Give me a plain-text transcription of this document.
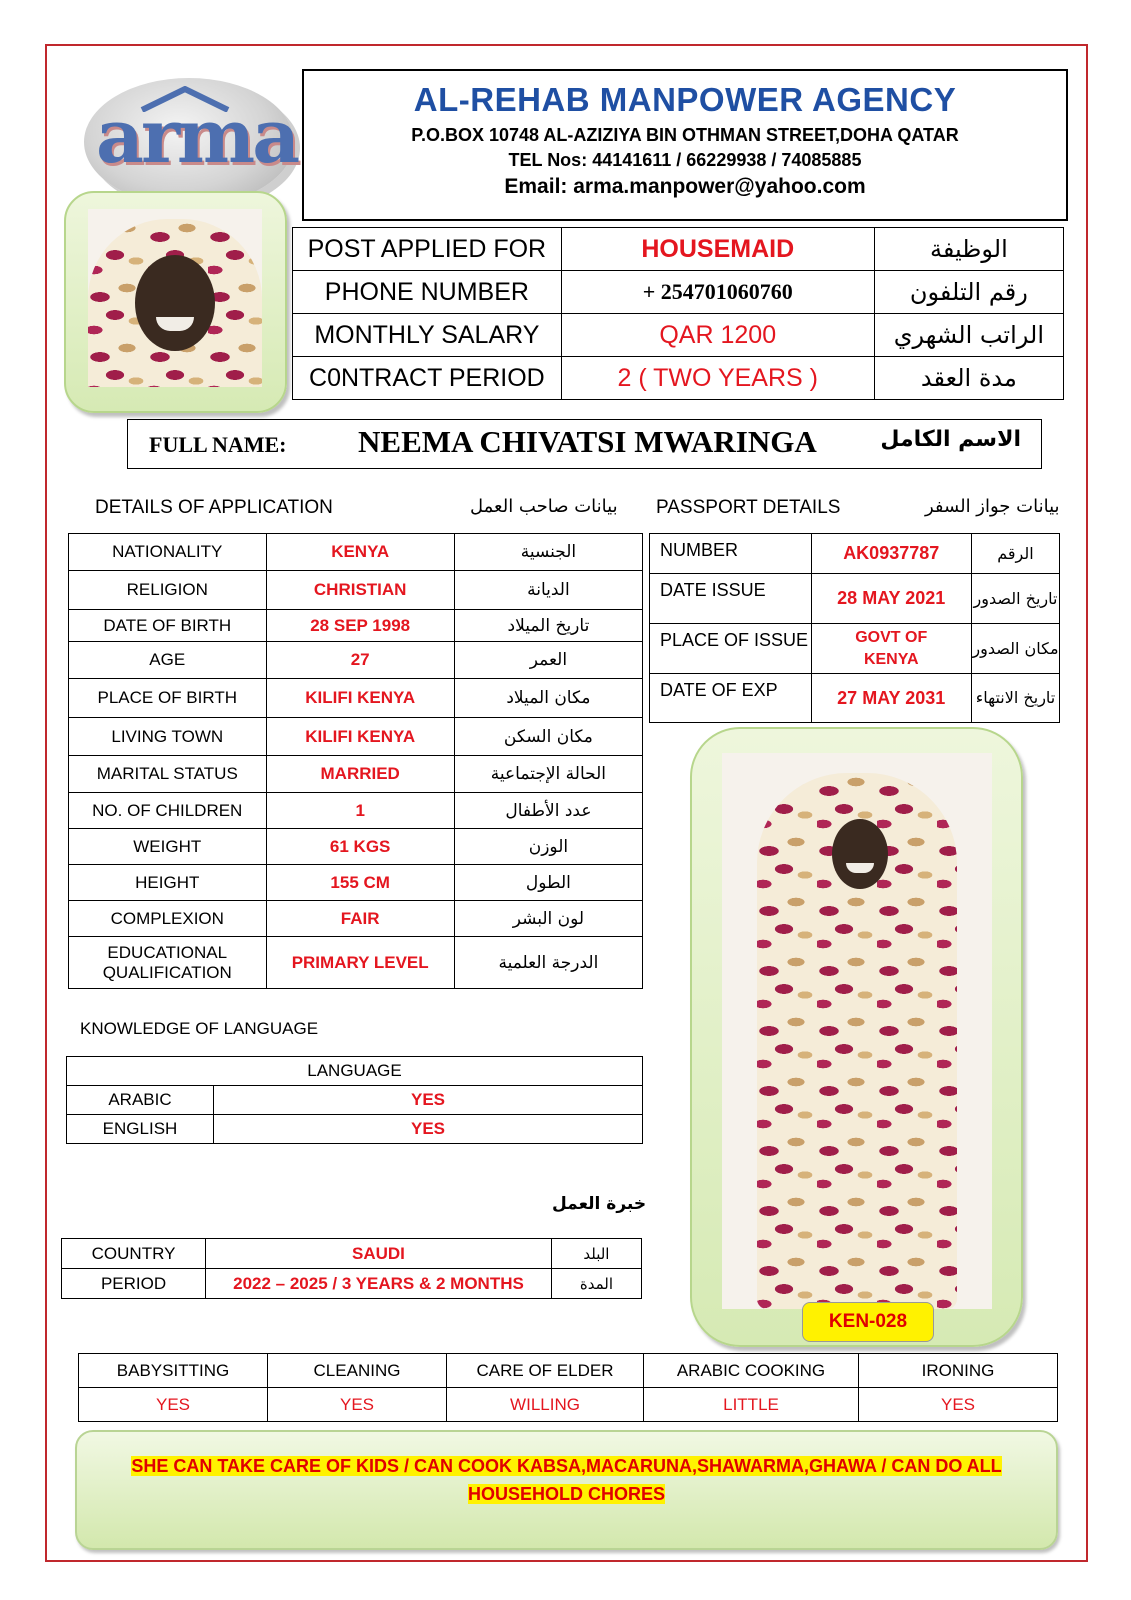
arma	AL-REHAB MANPOWER AGENCY
P.O.BOX 10748 AL-AZIZIYA BIN OTHMAN STREET,DOHA QATAR
TEL Nos: 44141611 / 66229938 / 74085885
Email: arma.manpower@yahoo.com
POST APPLIED FOR	HOUSEMAID	الوظيفة
PHONE NUMBER	+ 254701060760	رقم التلفون
MONTHLY SALARY	QAR 1200	الراتب الشهري
C0NTRACT PERIOD	2 ( TWO YEARS )	مدة العقد
FULL NAME: NEEMA CHIVATSI MWARINGA	الاسم الكامل
DETAILS OF APPLICATION	بيانات صاحب العمل PASSPORT DETAILS	بيانات جواز السفر
NATIONALITY	KENYA	الجنسية
RELIGION	CHRISTIAN	الديانة
DATE OF BIRTH	28 SEP 1998	تاريخ الميلاد
AGE	27	العمر
PLACE OF BIRTH	KILIFI KENYA	مكان الميلاد
LIVING TOWN	KILIFI KENYA	مكان السكن
MARITAL STATUS	MARRIED	الحالة الإجتماعية
NO. OF CHILDREN	1	عدد الأطفال
WEIGHT	61 KGS	الوزن
HEIGHT	155 CM	الطول
COMPLEXION	FAIR	لون البشر
EDUCATIONAL QUALIFICATION	PRIMARY LEVEL	الدرجة العلمية
NUMBER	AK0937787	الرقم
DATE ISSUE	28 MAY 2021	تاريخ الصدور
PLACE OF ISSUE	GOVT OF KENYA	مكان الصدور
DATE OF EXP	27 MAY 2031	تاريخ الانتهاء
KEN-028
KNOWLEDGE OF LANGUAGE
LANGUAGE	
ARABIC	YES
ENGLISH	YES
خبرة العمل
COUNTRY	SAUDI	البلد
PERIOD	2022 – 2025 / 3 YEARS & 2 MONTHS	المدة
BABYSITTING	CLEANING	CARE OF ELDER	ARABIC COOKING	IRONING
YES	YES	WILLING	LITTLE	YES
SHE CAN TAKE CARE OF KIDS / CAN COOK KABSA,MACARUNA,SHAWARMA,GHAWA / CAN DO ALL
HOUSEHOLD CHORES
